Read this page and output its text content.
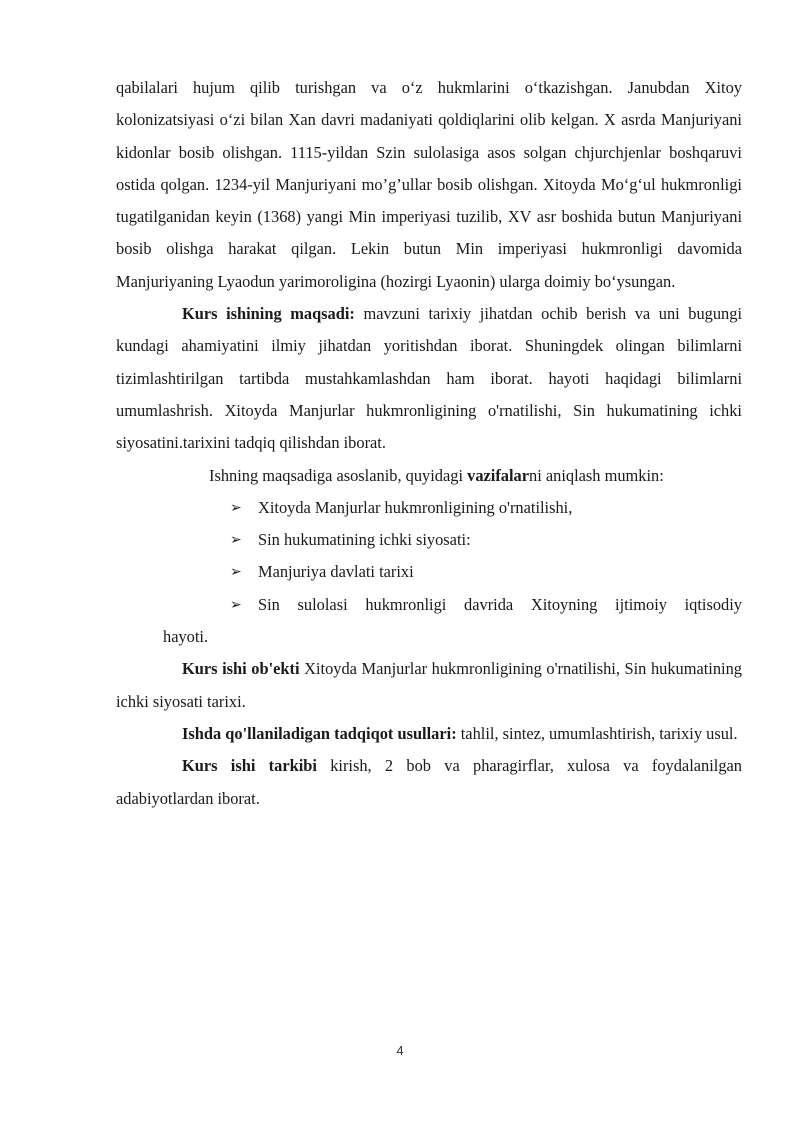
qabilalari hujum qilib turishgan va o‘z hukmlarini o‘tkazishgan. Janubdan Xitoy kolonizatsiyasi o‘zi bilan Xan davri madaniyati qoldiqlarini olib kelgan. X asrda Manjuriyani kidonlar bosib olishgan. 1115-yildan Szin sulolasiga asos solgan chjurchjenlar boshqaruvi ostida qolgan. 1234-yil Manjuriyani mo’g’ullar bosib olishgan. Xitoyda Mo‘g‘ul hukmronligi tugatilganidan keyin (1368) yangi Min imperiyasi tuzilib, XV asr boshida butun Manjuriyani bosib olishga harakat qilgan. Lekin butun Min imperiyasi hukmronligi davomida Manjuriyaning Lyaodun yarimoroligina (hozirgi Lyaonin) ularga doimiy bo‘ysungan.

Kurs ishining maqsadi: mavzuni tarixiy jihatdan ochib berish va uni bugungi kundagi ahamiyatini ilmiy jihatdan yoritishdan iborat. Shuningdek olingan bilimlarni tizimlashtirilgan tartibda mustahkamlashdan ham iborat. hayoti haqidagi bilimlarni umumlashrish. Xitoyda Manjurlar hukmronligining o'rnatilishi, Sin hukumatining ichki siyosatini.tarixini tadqiq qilishdan iborat.

Ishning maqsadiga asoslanib, quyidagi vazifalarni aniqlash mumkin:

➢ Xitoyda Manjurlar hukmronligining o'rnatilishi,
➢ Sin hukumatining ichki siyosati:
➢ Manjuriya davlati tarixi
➢ Sin sulolasi hukmronligi davrida Xitoyning ijtimoiy iqtisodiy
hayoti.

Kurs ishi ob'ekti Xitoyda Manjurlar hukmronligining o'rnatilishi, Sin hukumatining ichki siyosati tarixi.

Ishda qo'llaniladigan tadqiqot usullari: tahlil, sintez, umumlashtirish, tarixiy usul.

Kurs ishi tarkibi kirish, 2 bob va pharagirflar, xulosa va foydalanilgan adabiyotlardan iborat.

4
